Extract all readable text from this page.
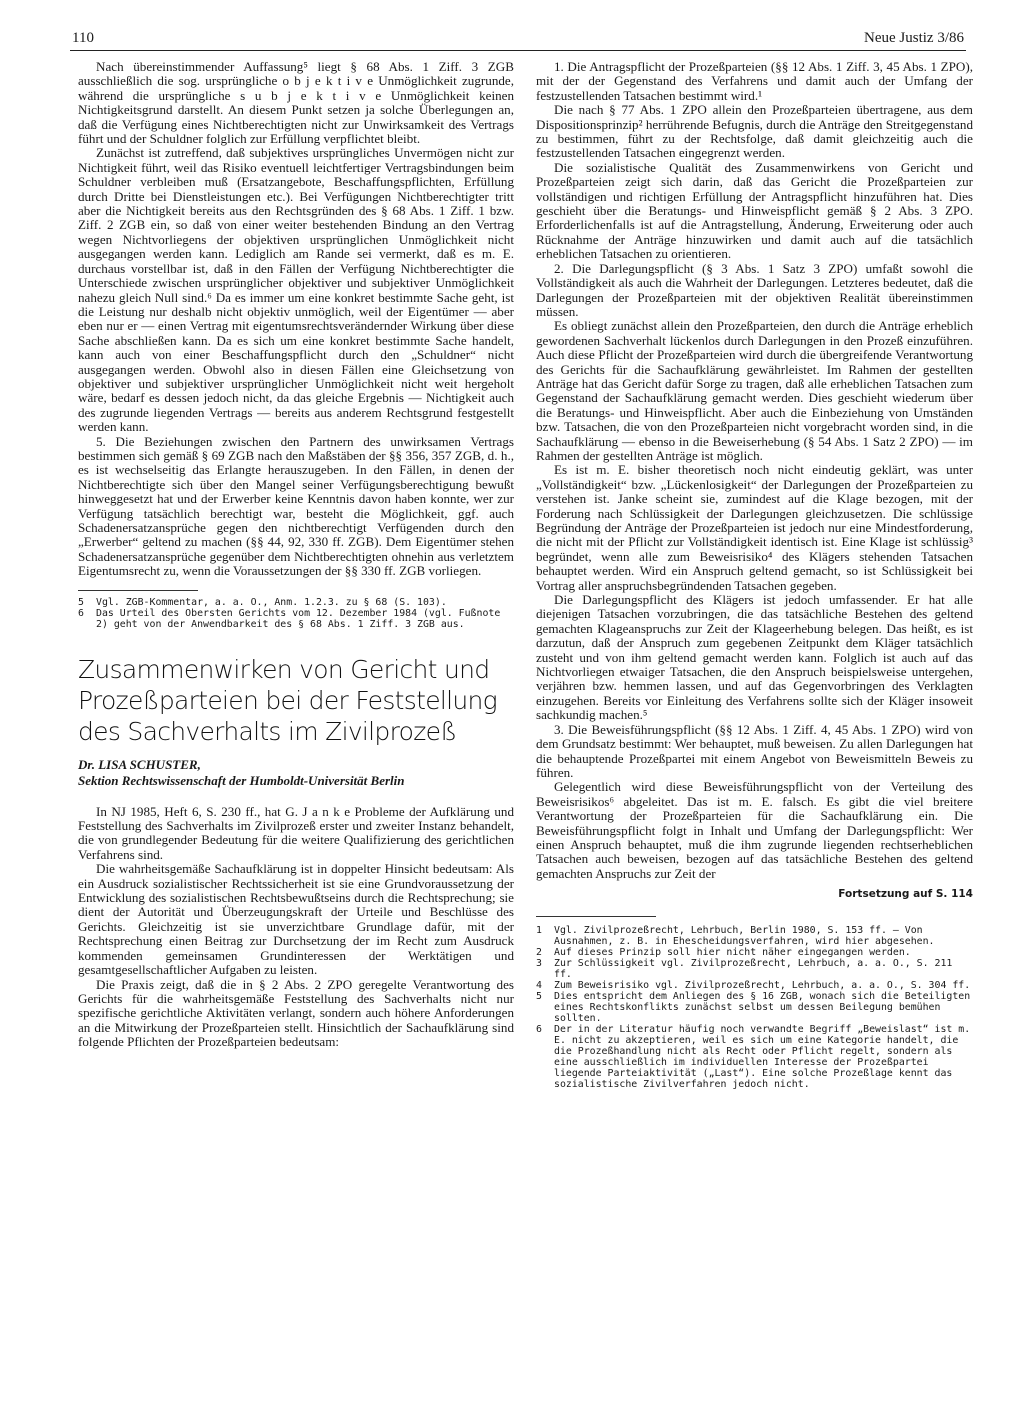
110	Neue Justiz 3/86

Nach übereinstimmender Auffassung⁵ liegt § 68 Abs. 1 Ziff. 3 ZGB ausschließlich die sog. ursprüngliche o b j e k t i v e Unmöglichkeit zugrunde, während die ursprüngliche s u b j e k t i v e Unmöglichkeit keinen Nichtigkeitsgrund darstellt. An diesem Punkt setzen ja solche Überlegungen an, daß die Verfügung eines Nichtberechtigten nicht zur Unwirksamkeit des Vertrags führt und der Schuldner folglich zur Erfüllung verpflichtet bleibt.

Zunächst ist zutreffend, daß subjektives ursprüngliches Unvermögen nicht zur Nichtigkeit führt, weil das Risiko eventuell leichtfertiger Vertragsbindungen beim Schuldner verbleiben muß (Ersatzangebote, Beschaffungspflichten, Erfüllung durch Dritte bei Dienstleistungen etc.). Bei Verfügungen Nichtberechtigter tritt aber die Nichtigkeit bereits aus den Rechtsgründen des § 68 Abs. 1 Ziff. 1 bzw. Ziff. 2 ZGB ein, so daß von einer weiter bestehenden Bindung an den Vertrag wegen Nichtvorliegens der objektiven ursprünglichen Unmöglichkeit nicht ausgegangen werden kann. Lediglich am Rande sei vermerkt, daß es m. E. durchaus vorstellbar ist, daß in den Fällen der Verfügung Nichtberechtigter die Unterschiede zwischen ursprünglicher objektiver und subjektiver Unmöglichkeit nahezu gleich Null sind.⁶ Da es immer um eine konkret bestimmte Sache geht, ist die Leistung nur deshalb nicht objektiv unmöglich, weil der Eigentümer — aber eben nur er — einen Vertrag mit eigentumsrechtsverändernder Wirkung über diese Sache abschließen kann. Da es sich um eine konkret bestimmte Sache handelt, kann auch von einer Beschaffungspflicht durch den „Schuldner“ nicht ausgegangen werden. Obwohl also in diesen Fällen eine Gleichsetzung von objektiver und subjektiver ursprünglicher Unmöglichkeit nicht weit hergeholt wäre, bedarf es dessen jedoch nicht, da das gleiche Ergebnis — Nichtigkeit auch des zugrunde liegenden Vertrags — bereits aus anderem Rechtsgrund festgestellt werden kann.

5. Die Beziehungen zwischen den Partnern des unwirksamen Vertrags bestimmen sich gemäß § 69 ZGB nach den Maßstäben der §§ 356, 357 ZGB, d. h., es ist wechselseitig das Erlangte herauszugeben. In den Fällen, in denen der Nichtberechtigte sich über den Mangel seiner Verfügungsberechtigung bewußt hinweggesetzt hat und der Erwerber keine Kenntnis davon haben konnte, wer zur Verfügung tatsächlich berechtigt war, besteht die Möglichkeit, ggf. auch Schadenersatzansprüche gegen den nichtberechtigt Verfügenden durch den „Erwerber“ geltend zu machen (§§ 44, 92, 330 ff. ZGB). Dem Eigentümer stehen Schadenersatzansprüche gegenüber dem Nichtberechtigten ohnehin aus verletztem Eigentumsrecht zu, wenn die Voraussetzungen der §§ 330 ff. ZGB vorliegen.

5	Vgl. ZGB-Kommentar, a. a. O., Anm. 1.2.3. zu § 68 (S. 103).
6	Das Urteil des Obersten Gerichts vom 12. Dezember 1984 (vgl. Fußnote 2) geht von der Anwendbarkeit des § 68 Abs. 1 Ziff. 3 ZGB aus.
Zusammenwirken von Gericht und Prozeßparteien bei der Feststellung des Sachverhalts im Zivilprozeß
Dr. LISA SCHUSTER,
Sektion Rechtswissenschaft der Humboldt-Universität Berlin

In NJ 1985, Heft 6, S. 230 ff., hat G. J a n k e Probleme der Aufklärung und Feststellung des Sachverhalts im Zivilprozeß erster und zweiter Instanz behandelt, die von grundlegender Bedeutung für die weitere Qualifizierung des gerichtlichen Verfahrens sind.

Die wahrheitsgemäße Sachaufklärung ist in doppelter Hinsicht bedeutsam: Als ein Ausdruck sozialistischer Rechtssicherheit ist sie eine Grundvoraussetzung der Entwicklung des sozialistischen Rechtsbewußtseins durch die Rechtsprechung; sie dient der Autorität und Überzeugungskraft der Urteile und Beschlüsse des Gerichts. Gleichzeitig ist sie unverzichtbare Grundlage dafür, mit der Rechtsprechung einen Beitrag zur Durchsetzung der im Recht zum Ausdruck kommenden gemeinsamen Grundinteressen der Werktätigen und gesamtgesellschaftlicher Aufgaben zu leisten.

Die Praxis zeigt, daß die in § 2 Abs. 2 ZPO geregelte Verantwortung des Gerichts für die wahrheitsgemäße Feststellung des Sachverhalts nicht nur spezifische gerichtliche Aktivitäten verlangt, sondern auch höhere Anforderungen an die Mitwirkung der Prozeßparteien stellt. Hinsichtlich der Sachaufklärung sind folgende Pflichten der Prozeßparteien bedeutsam:

1. Die Antragspflicht der Prozeßparteien (§§ 12 Abs. 1 Ziff. 3, 45 Abs. 1 ZPO), mit der der Gegenstand des Verfahrens und damit auch der Umfang der festzustellenden Tatsachen bestimmt wird.¹

Die nach § 77 Abs. 1 ZPO allein den Prozeßparteien übertragene, aus dem Dispositionsprinzip² herrührende Befugnis, durch die Anträge den Streitgegenstand zu bestimmen, führt zu der Rechtsfolge, daß damit gleichzeitig auch die festzustellenden Tatsachen eingegrenzt werden.

Die sozialistische Qualität des Zusammenwirkens von Gericht und Prozeßparteien zeigt sich darin, daß das Gericht die Prozeßparteien zur vollständigen und richtigen Erfüllung der Antragspflicht hinzuführen hat. Dies geschieht über die Beratungs- und Hinweispflicht gemäß § 2 Abs. 3 ZPO. Erforderlichenfalls ist auf die Antragstellung, Änderung, Erweiterung oder auch Rücknahme der Anträge hinzuwirken und damit auch auf die tatsächlich erheblichen Tatsachen zu orientieren.

2. Die Darlegungspflicht (§ 3 Abs. 1 Satz 3 ZPO) umfaßt sowohl die Vollständigkeit als auch die Wahrheit der Darlegungen. Letzteres bedeutet, daß die Darlegungen der Prozeßparteien mit der objektiven Realität übereinstimmen müssen.

Es obliegt zunächst allein den Prozeßparteien, den durch die Anträge erheblich gewordenen Sachverhalt lückenlos durch Darlegungen in den Prozeß einzuführen. Auch diese Pflicht der Prozeßparteien wird durch die übergreifende Verantwortung des Gerichts für die Sachaufklärung gewährleistet. Im Rahmen der gestellten Anträge hat das Gericht dafür Sorge zu tragen, daß alle erheblichen Tatsachen zum Gegenstand der Sachaufklärung gemacht werden. Dies geschieht wiederum über die Beratungs- und Hinweispflicht. Aber auch die Einbeziehung von Umständen bzw. Tatsachen, die von den Prozeßparteien nicht vorgebracht worden sind, in die Sachaufklärung — ebenso in die Beweiserhebung (§ 54 Abs. 1 Satz 2 ZPO) — im Rahmen der gestellten Anträge ist möglich.

Es ist m. E. bisher theoretisch noch nicht eindeutig geklärt, was unter „Vollständigkeit“ bzw. „Lückenlosigkeit“ der Darlegungen der Prozeßparteien zu verstehen ist. Janke scheint sie, zumindest auf die Klage bezogen, mit der Forderung nach Schlüssigkeit der Darlegungen gleichzusetzen. Die schlüssige Begründung der Anträge der Prozeßparteien ist jedoch nur eine Mindestforderung, die nicht mit der Pflicht zur Vollständigkeit identisch ist. Eine Klage ist schlüssig³ begründet, wenn alle zum Beweisrisiko⁴ des Klägers stehenden Tatsachen behauptet werden. Wird ein Anspruch geltend gemacht, so ist Schlüssigkeit bei Vortrag aller anspruchsbegründenden Tatsachen gegeben.

Die Darlegungspflicht des Klägers ist jedoch umfassender. Er hat alle diejenigen Tatsachen vorzubringen, die das tatsächliche Bestehen des geltend gemachten Klageanspruchs zur Zeit der Klageerhebung belegen. Das heißt, es ist darzutun, daß der Anspruch zum gegebenen Zeitpunkt dem Kläger tatsächlich zusteht und von ihm geltend gemacht werden kann. Folglich ist auch auf das Nichtvorliegen etwaiger Tatsachen, die den Anspruch beispielsweise untergehen, verjähren bzw. hemmen lassen, und auf das Gegenvorbringen des Verklagten einzugehen. Bereits vor Einleitung des Verfahrens sollte sich der Kläger insoweit sachkundig machen.⁵

3. Die Beweisführungspflicht (§§ 12 Abs. 1 Ziff. 4, 45 Abs. 1 ZPO) wird von dem Grundsatz bestimmt: Wer behauptet, muß beweisen. Zu allen Darlegungen hat die behauptende Prozeßpartei mit einem Angebot von Beweismitteln Beweis zu führen.

Gelegentlich wird diese Beweisführungspflicht von der Verteilung des Beweisrisikos⁶ abgeleitet. Das ist m. E. falsch. Es gibt die viel breitere Verantwortung der Prozeßparteien für die Sachaufklärung ein. Die Beweisführungspflicht folgt in Inhalt und Umfang der Darlegungspflicht: Wer einen Anspruch behauptet, muß die ihm zugrunde liegenden rechtserheblichen Tatsachen auch beweisen, bezogen auf das tatsächliche Bestehen des geltend gemachten Anspruchs zur Zeit der

Fortsetzung auf S. 114
1	Vgl. Zivilprozeßrecht, Lehrbuch, Berlin 1980, S. 153 ff. — Von Ausnahmen, z. B. in Ehescheidungsverfahren, wird hier abgesehen.
2	Auf dieses Prinzip soll hier nicht näher eingegangen werden.
3	Zur Schlüssigkeit vgl. Zivilprozeßrecht, Lehrbuch, a. a. O., S. 211 ff.
4	Zum Beweisrisiko vgl. Zivilprozeßrecht, Lehrbuch, a. a. O., S. 304 ff.
5	Dies entspricht dem Anliegen des § 16 ZGB, wonach sich die Beteiligten eines Rechtskonflikts zunächst selbst um dessen Beilegung bemühen sollten.
6	Der in der Literatur häufig noch verwandte Begriff „Beweislast“ ist m. E. nicht zu akzeptieren, weil es sich um eine Kategorie handelt, die die Prozeßhandlung nicht als Recht oder Pflicht regelt, sondern als eine ausschließlich im individuellen Interesse der Prozeßpartei liegende Parteiaktivität („Last“). Eine solche Prozeßlage kennt das sozialistische Zivilverfahren jedoch nicht.
